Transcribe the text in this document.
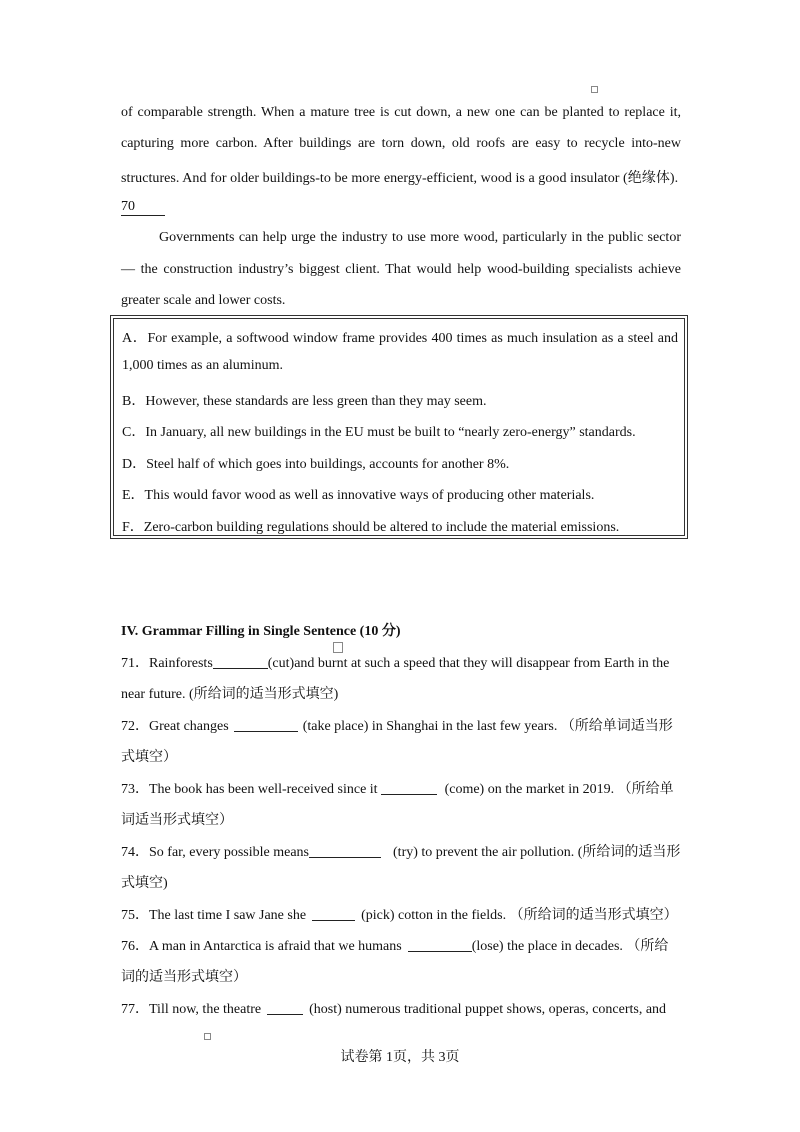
of comparable strength. When a mature tree is cut down, a new one can be planted to replace it,

capturing more carbon. After buildings are torn down, old roofs are easy to recycle into-new

structures. And for older buildings-to be more energy-efficient, wood is a good insulator (绝缘体).

70

Governments can help urge the industry to use more wood, particularly in the public sector

— the construction industry’s biggest client. That would help wood-building specialists achieve

greater scale and lower costs.

A．For example, a softwood window frame provides 400 times as much insulation as a steel and
1,000 times as an aluminum.
B．However, these standards are less green than they may seem.
C．In January, all new buildings in the EU must be built to “nearly zero-energy” standards.
D．Steel half of which goes into buildings, accounts for another 8%.
E．This would favor wood as well as innovative ways of producing other materials.
F．Zero-carbon building regulations should be altered to include the material emissions.
IV. Grammar Filling in Single Sentence (10 分)
71．Rainforests	(cut)and burnt at such a speed that they will disappear from Earth in the
near future. (所给词的适当形式填空)
72．Great changes	(take place) in Shanghai in the last few years. （所给单词适当形
式填空）
73．The book has been well-received since it	(come) on the market in 2019. （所给单
词适当形式填空）
74．So far, every possible means	(try) to prevent the air pollution. (所给词的适当形
式填空)
75．The last time I saw Jane she	(pick) cotton in the fields. （所给词的适当形式填空）
76．A man in Antarctica is afraid that we humans	(lose) the place in decades. （所给
词的适当形式填空）
77．Till now, the theatre	(host) numerous traditional puppet shows, operas, concerts, and
试卷第 1页，共 3页
